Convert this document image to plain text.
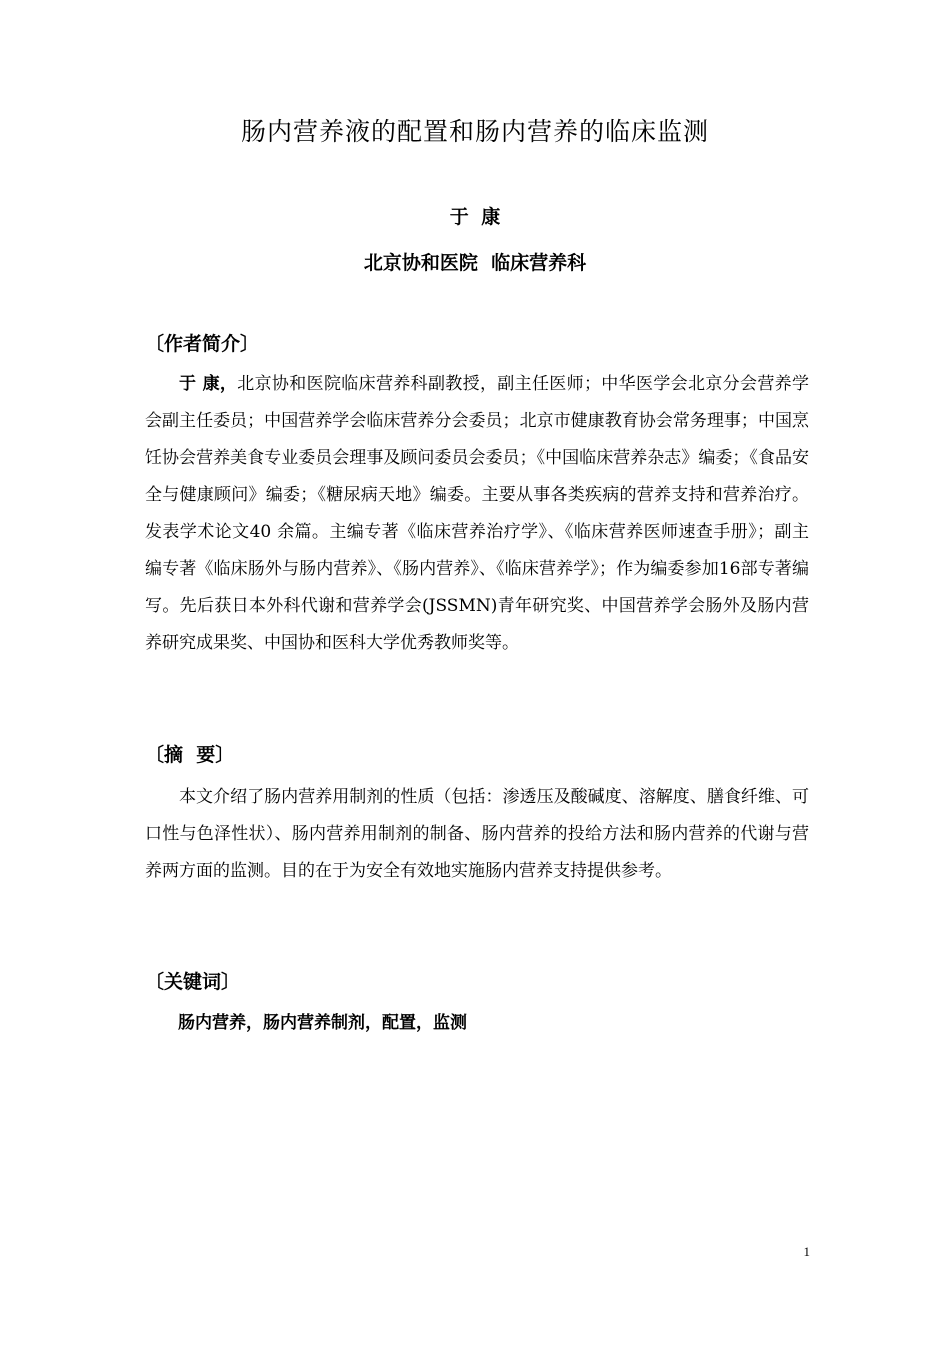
肠内营养液的配置和肠内营养的临床监测
于 康
北京协和医院  临床营养科
〔作者简介〕
于 康，北京协和医院临床营养科副教授，副主任医师；中华医学会北京分会营养学会副主任委员；中国营养学会临床营养分会委员；北京市健康教育协会常务理事；中国烹饪协会营养美食专业委员会理事及顾问委员会委员；《中国临床营养杂志》编委；《食品安全与健康顾问》编委；《糖尿病天地》编委。主要从事各类疾病的营养支持和营养治疗。发表学术论文40 余篇。主编专著《临床营养治疗学》、《临床营养医师速查手册》；副主编专著《临床肠外与肠内营养》、《肠内营养》、《临床营养学》；作为编委参加16部专著编写。先后获日本外科代谢和营养学会(JSSMN)青年研究奖、中国营养学会肠外及肠内营养研究成果奖、中国协和医科大学优秀教师奖等。
〔摘  要〕
本文介绍了肠内营养用制剂的性质（包括：渗透压及酸碱度、溶解度、膳食纤维、可口性与色泽性状）、肠内营养用制剂的制备、肠内营养的投给方法和肠内营养的代谢与营养两方面的监测。目的在于为安全有效地实施肠内营养支持提供参考。
〔关键词〕
肠内营养，肠内营养制剂，配置，监测
1
